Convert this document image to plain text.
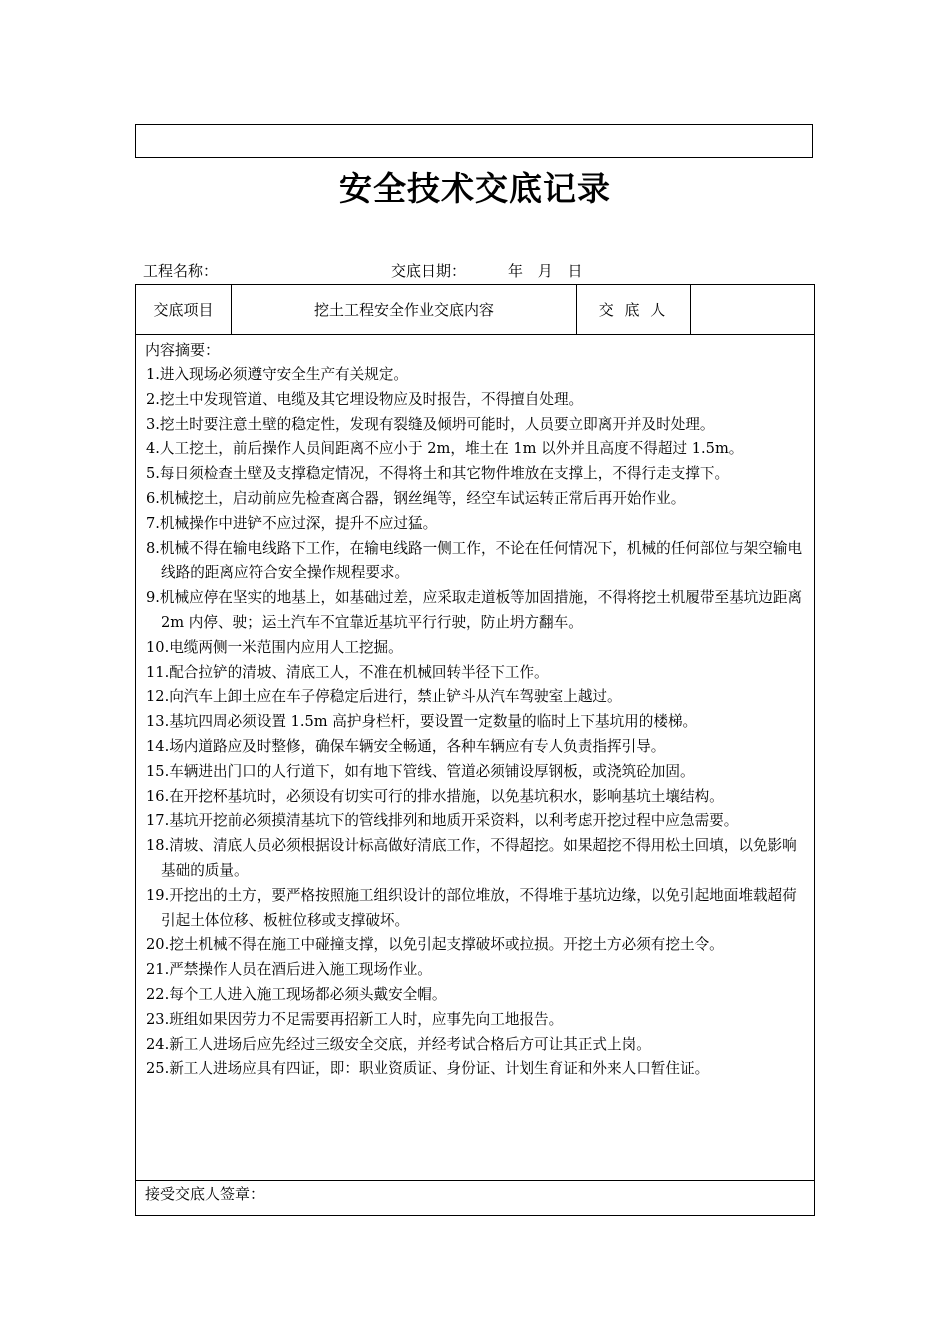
安全技术交底记录
工程名称：	交底日期：	年 月 日
交底项目	挖土工程安全作业交底内容	交 底 人
内容摘要：
1.进入现场必须遵守安全生产有关规定。
2.挖土中发现管道、电缆及其它埋设物应及时报告，不得擅自处理。
3.挖土时要注意土壁的稳定性，发现有裂缝及倾坍可能时，人员要立即离开并及时处理。
4.人工挖土，前后操作人员间距离不应小于 2m，堆土在 1m 以外并且高度不得超过 1.5m。
5.每日须检查土壁及支撑稳定情况，不得将土和其它物件堆放在支撑上，不得行走支撑下。
6.机械挖土，启动前应先检查离合器，钢丝绳等，经空车试运转正常后再开始作业。
7.机械操作中进铲不应过深，提升不应过猛。
8.机械不得在输电线路下工作，在输电线路一侧工作，不论在任何情况下，机械的任何部位与架空输电线路的距离应符合安全操作规程要求。
9.机械应停在坚实的地基上，如基础过差，应采取走道板等加固措施，不得将挖土机履带至基坑边距离 2m 内停、驶；运土汽车不宜靠近基坑平行行驶，防止坍方翻车。
10.电缆两侧一米范围内应用人工挖掘。
11.配合拉铲的清坡、清底工人，不准在机械回转半径下工作。
12.向汽车上卸土应在车子停稳定后进行，禁止铲斗从汽车驾驶室上越过。
13.基坑四周必须设置 1.5m 高护身栏杆，要设置一定数量的临时上下基坑用的楼梯。
14.场内道路应及时整修，确保车辆安全畅通，各种车辆应有专人负责指挥引导。
15.车辆进出门口的人行道下，如有地下管线、管道必须铺设厚钢板，或浇筑砼加固。
16.在开挖杯基坑时，必须设有切实可行的排水措施，以免基坑积水，影响基坑土壤结构。
17.基坑开挖前必须摸清基坑下的管线排列和地质开采资料，以利考虑开挖过程中应急需要。
18.清坡、清底人员必须根据设计标高做好清底工作，不得超挖。如果超挖不得用松土回填，以免影响基础的质量。
19.开挖出的土方，要严格按照施工组织设计的部位堆放，不得堆于基坑边缘，以免引起地面堆载超荷引起土体位移、板桩位移或支撑破坏。
20.挖土机械不得在施工中碰撞支撑，以免引起支撑破坏或拉损。开挖土方必须有挖土令。
21.严禁操作人员在酒后进入施工现场作业。
22.每个工人进入施工现场都必须头戴安全帽。
23.班组如果因劳力不足需要再招新工人时，应事先向工地报告。
24.新工人进场后应先经过三级安全交底，并经考试合格后方可让其正式上岗。
25.新工人进场应具有四证，即：职业资质证、身份证、计划生育证和外来人口暂住证。
接受交底人签章：
